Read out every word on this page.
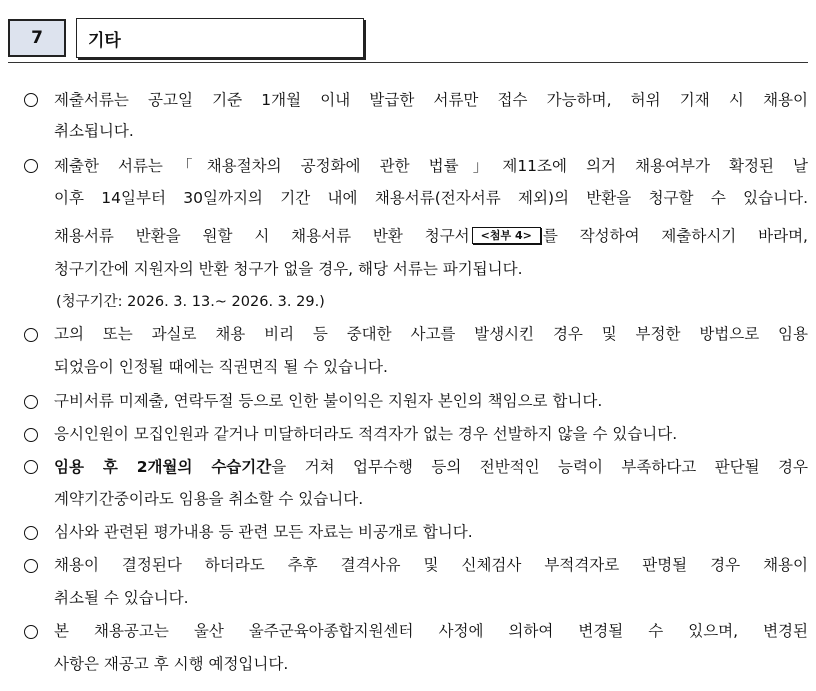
7	기타
제출서류는 공고일 기준 1개월 이내 발급한 서류만 접수 가능하며, 허위 기재 시 채용이
취소됩니다.
제출한 서류는「채용절차의 공정화에 관한 법률」제11조에 의거 채용여부가 확정된 날
이후 14일부터 30일까지의 기간 내에 채용서류(전자서류 제외)의 반환을 청구할 수 있습니다.
채용서류 반환을 원할 시 채용서류 반환 청구서 <첨부 4> 를 작성하여 제출하시기 바라며,
청구기간에 지원자의 반환 청구가 없을 경우, 해당 서류는 파기됩니다.
(청구기간: 2026. 3. 13.~ 2026. 3. 29.)
고의 또는 과실로 채용 비리 등 중대한 사고를 발생시킨 경우 및 부정한 방법으로 임용
되었음이 인정될 때에는 직권면직 될 수 있습니다.
구비서류 미제출, 연락두절 등으로 인한 불이익은 지원자 본인의 책임으로 합니다.
응시인원이 모집인원과 같거나 미달하더라도 적격자가 없는 경우 선발하지 않을 수 있습니다.
임용 후 2개월의 수습기간을 거쳐 업무수행 등의 전반적인 능력이 부족하다고 판단될 경우
계약기간중이라도 임용을 취소할 수 있습니다.
심사와 관련된 평가내용 등 관련 모든 자료는 비공개로 합니다.
채용이 결정된다 하더라도 추후 결격사유 및 신체검사 부적격자로 판명될 경우 채용이
취소될 수 있습니다.
본 채용공고는 울산 울주군육아종합지원센터 사정에 의하여 변경될 수 있으며, 변경된
사항은 재공고 후 시행 예정입니다.
